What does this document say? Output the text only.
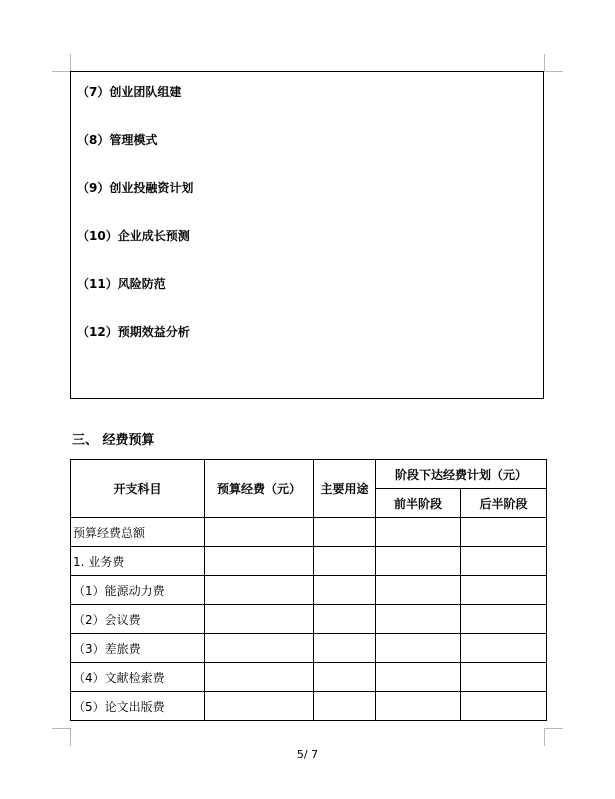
（7）创业团队组建
（8）管理模式
（9）创业投融资计划
（10）企业成长预测
（11）风险防范
（12）预期效益分析
三、 经费预算
开支科目	预算经费（元）	主要用途	阶段下达经费计划（元）	
			前半阶段	后半阶段
预算经费总额				
1. 业务费				
（1）能源动力费				
（2）会议费				
（3）差旅费				
（4）文献检索费				
（5）论文出版费				
5/ 7
